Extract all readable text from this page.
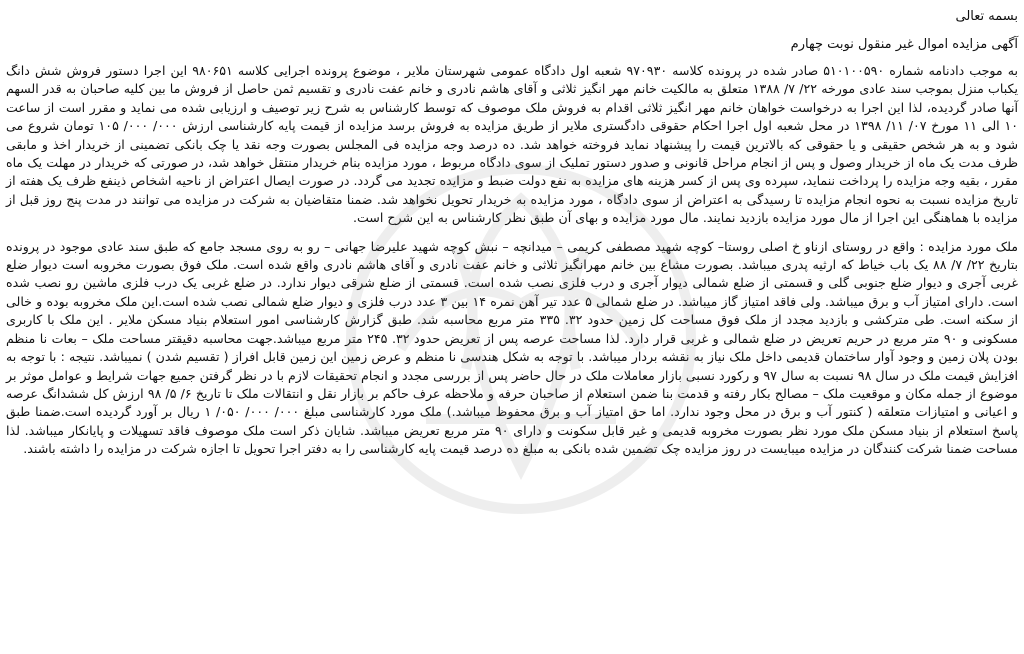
بسمه تعالی

آگهی مزایده اموال غیر منقول نوبت چهارم

به موجب دادنامه شماره ۵۱۰۱۰۰۵۹۰ صادر شده در پرونده کلاسه ۹۷۰۹۳۰ شعبه اول دادگاه عمومی شهرستان ملایر ، موضوع پرونده اجرایی کلاسه ۹۸۰۶۵۱ این اجرا دستور فروش شش دانگ یکباب منزل بموجب سند عادی مورخه ۲۲/ ۷/ ۱۳۸۸ متعلق به مالکیت خانم مهر انگیز ثلاثی و آقای هاشم نادری و خانم عفت نادری و تقسیم ثمن حاصل از فروش ما بین کلیه صاحبان به قدر السهم آنها صادر گردیده، لذا این اجرا به درخواست خواهان خانم مهر انگیز ثلاثی اقدام به فروش ملک موصوف که توسط کارشناس به شرح زیر توصیف و ارزیابی شده می نماید و مقرر است از ساعت ۱۰ الی ۱۱ مورخ ۰۷/ ۱۱/ ۱۳۹۸ در محل شعبه اول اجرا احکام حقوقی دادگستری ملایر از طریق مزایده به فروش برسد مزایده از قیمت پایه کارشناسی ارزش ۰۰۰/ ۰۰۰/ ۱۰۵ تومان شروع می شود و به هر شخص حقیقی و یا حقوقی که بالاترین قیمت را پیشنهاد نماید فروخته خواهد شد. ده درصد وجه مزایده فی المجلس بصورت وجه نقد یا چک بانکی تضمینی از خریدار اخذ و مابقی ظرف مدت یک ماه از خریدار وصول و پس از انجام مراحل قانونی و صدور دستور تملیک از سوی دادگاه مربوط ، مورد مزایده بنام خریدار منتقل خواهد شد، در صورتی که خریدار در مهلت یک ماه مقرر ، بقیه وجه مزایده را پرداخت ننماید، سپرده وی پس از کسر هزینه های مزایده به نفع دولت ضبط و مزایده تجدید می گردد. در صورت ایصال اعتراض از ناحیه اشخاص ذینفع ظرف یک هفته از تاریخ مزایده نسبت به نحوه انجام مزایده تا رسیدگی به اعتراض از سوی دادگاه ، مورد مزایده به خریدار تحویل نخواهد شد. ضمنا متقاضیان به شرکت در مزایده می توانند در مدت پنج روز قبل از مزایده با هماهنگی این اجرا از مال مورد مزایده بازدید نمایند. مال مورد مزایده و بهای آن طبق نظر کارشناس به این شرح است.

ملک مورد مزایده : واقع در روستای ازناو خ اصلی روستا– کوچه شهید مصطفی کریمی – میدانچه – نبش کوچه شهید علیرضا جهانی – رو به روی مسجد جامع که طبق سند عادی موجود در پرونده بتاریخ ۲۲/ ۷/ ۸۸ یک باب خیاط که ارثیه پدری میباشد. بصورت مشاع بین خانم مهرانگیز ثلاثی و خانم عفت نادری و آقای هاشم نادری واقع شده است. ملک فوق بصورت مخروبه است دیوار ضلع غربی آجری و دیوار ضلع جنوبی گلی و قسمتی از ضلع شمالی دیوار آجری و درب فلزی نصب شده است. قسمتی از ضلع شرقی دیوار ندارد. در ضلع غربی یک درب فلزی ماشین رو نصب شده است. دارای امتیاز آب و برق میباشد. ولی فاقد امتیاز گاز میباشد. در ضلع شمالی ۵ عدد تیر آهن نمره ۱۴ بین ۳ عدد درب فلزی و دیوار ضلع شمالی نصب شده است.این ملک مخروبه بوده و خالی از سکنه است. طی مترکشی و بازدید مجدد از ملک فوق مساحت کل زمین حدود ۳۲. ۳۳۵ متر مربع محاسبه شد. طبق گزارش کارشناسی امور استعلام بنیاد مسکن ملایر . این ملک با کاربری مسکونی و ۹۰ متر مربع در حریم تعریض در ضلع شمالی و غربی قرار دارد. لذا مساحت عرصه پس از تعریض حدود ۳۲. ۲۴۵ متر مربع میباشد.جهت محاسبه دقیقتر مساحت ملک – بعات نا منظم بودن پلان زمین و وجود آوار ساختمان قدیمی داخل ملک نیاز به نقشه بردار میباشد. با توجه به شکل هندسی نا منظم و عرض زمین این زمین قابل افراز ( تقسیم شدن ) نمیباشد. نتیجه : با توجه به افزایش قیمت ملک در سال ۹۸ نسبت به سال ۹۷ و رکورد نسبی بازار معاملات ملک در حال حاضر پس از بررسی مجدد و انجام تحقیقات لازم با در نظر گرفتن جمیع جهات شرایط و عوامل موثر بر موضوع از جمله مکان و موقعیت ملک – مصالح بکار رفته و قدمت بنا ضمن استعلام از صاحبان حرفه و ملاحظه عرف حاکم بر بازار نقل و انتقالات ملک تا تاریخ ۶/ ۵/ ۹۸ ارزش کل ششدانگ عرصه و اعیانی و امتیازات متعلقه ( کنتور آب و برق در محل وجود ندارد. اما حق امتیاز آب و برق محفوظ میباشد.) ملک مورد کارشناسی مبلغ ۰۰۰/ ۰۰۰/ ۰۵۰/ ۱ ریال بر آورد گردیده است.ضمنا طبق پاسخ استعلام از بنیاد مسکن ملک مورد نظر بصورت مخروبه قدیمی و غیر قابل سکونت و دارای ۹۰ متر مربع تعریض میباشد. شایان ذکر است ملک موصوف فاقد تسهیلات و پایانکار میباشد. لذا مساحت ضمنا شرکت کنندگان در مزایده میبایست در روز مزایده چک تضمین شده بانکی به مبلغ ده درصد قیمت پایه کارشناسی را به دفتر اجرا تحویل تا اجازه شرکت در مزایده را داشته باشند.
